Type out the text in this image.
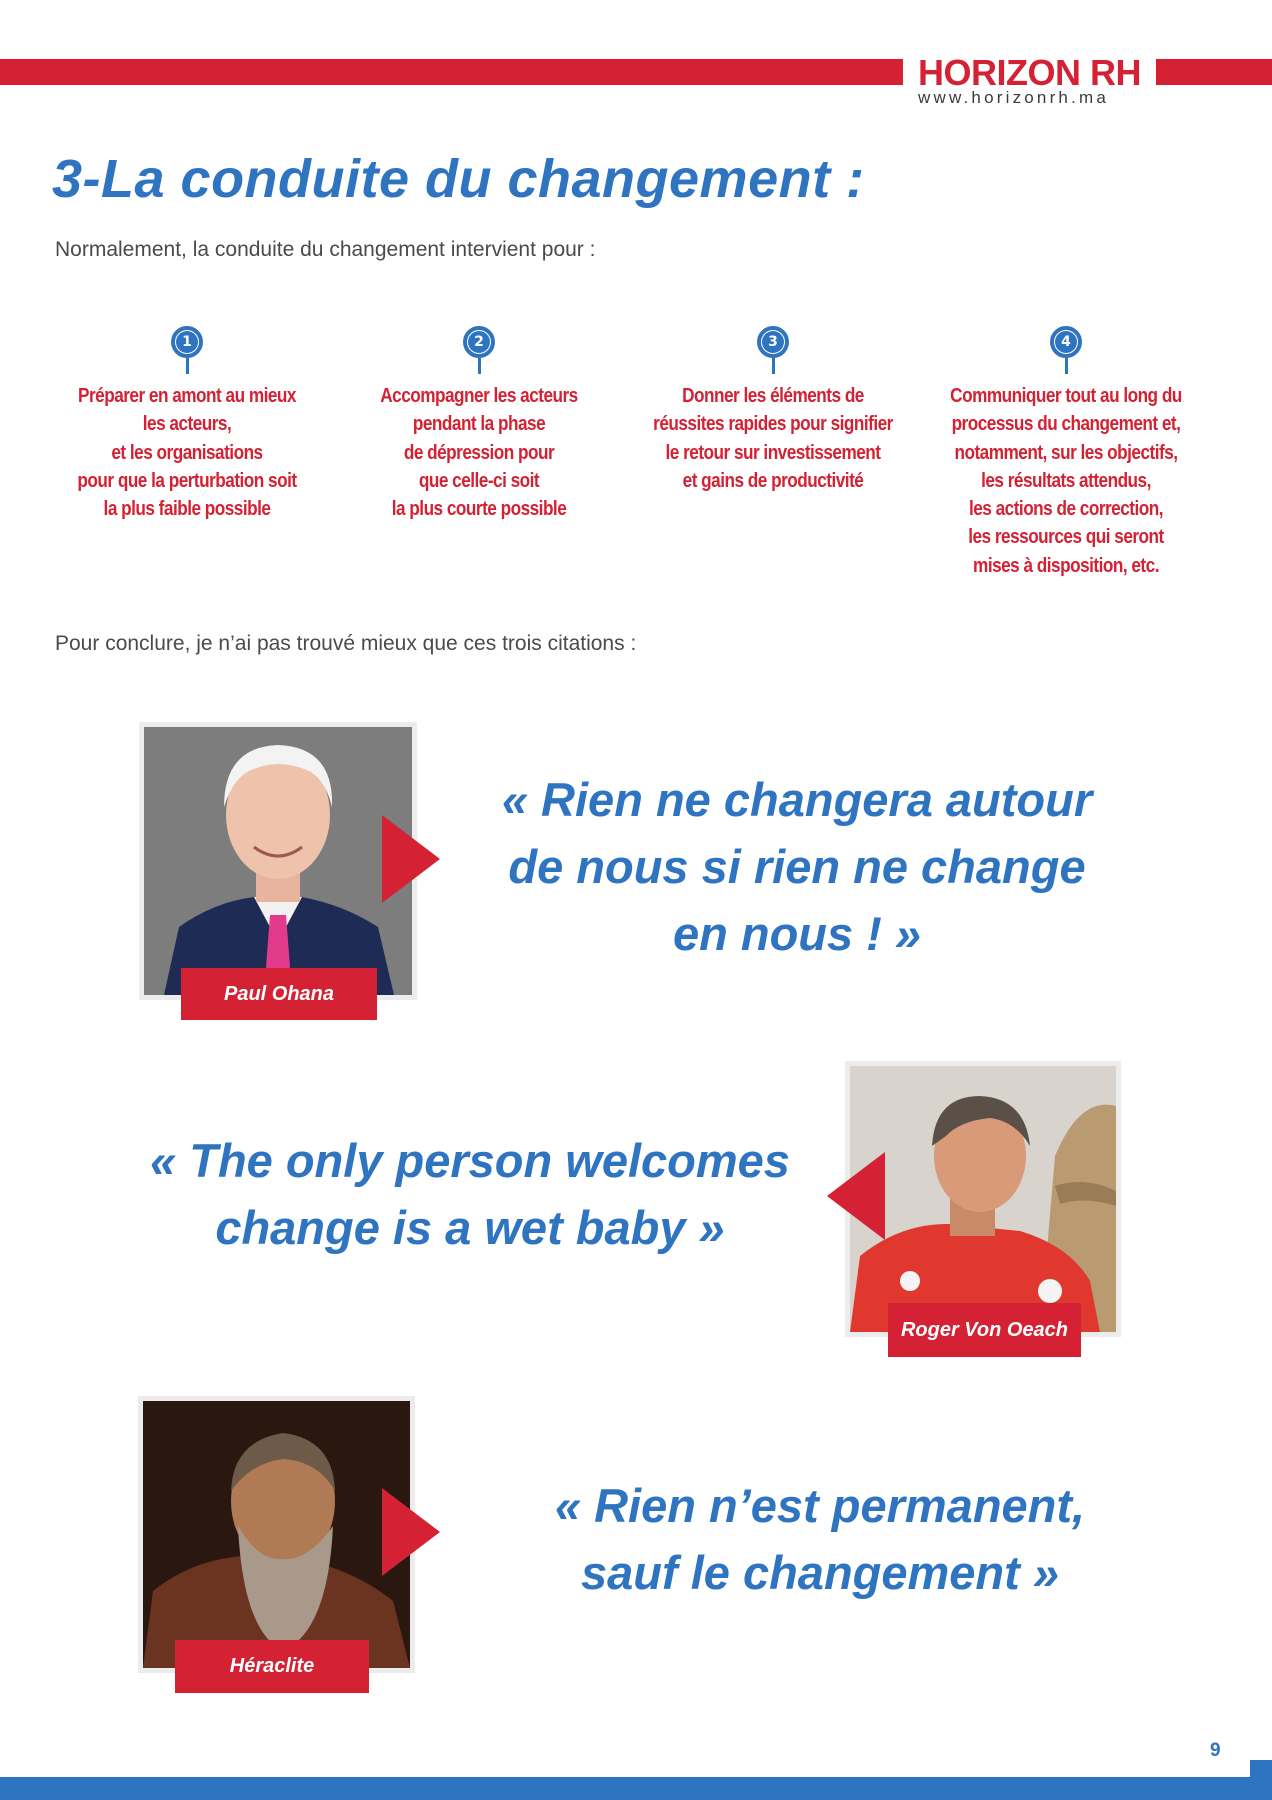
HORIZON RH
www.horizonrh.ma
3-La conduite du changement :
Normalement, la conduite du changement intervient pour :
1
Préparer en amont au mieux
les acteurs,
et les organisations
pour que la perturbation soit
la plus faible possible
2
Accompagner les acteurs
pendant la phase
de dépression pour
que celle-ci soit
la plus courte possible
3
Donner les éléments de
réussites rapides pour signifier
le retour sur investissement
et gains de productivité
4
Communiquer tout au long du
processus du changement et,
notamment, sur les objectifs,
les résultats attendus,
les actions de correction,
les ressources qui seront
mises à disposition, etc.
Pour conclure, je n’ai pas trouvé mieux que ces trois citations :
Paul Ohana
« Rien ne changera autour
de nous si rien ne change
en nous ! »
« The only person welcomes
change is a wet baby »
Roger Von Oeach
Héraclite
« Rien n’est permanent,
sauf le changement »
9
